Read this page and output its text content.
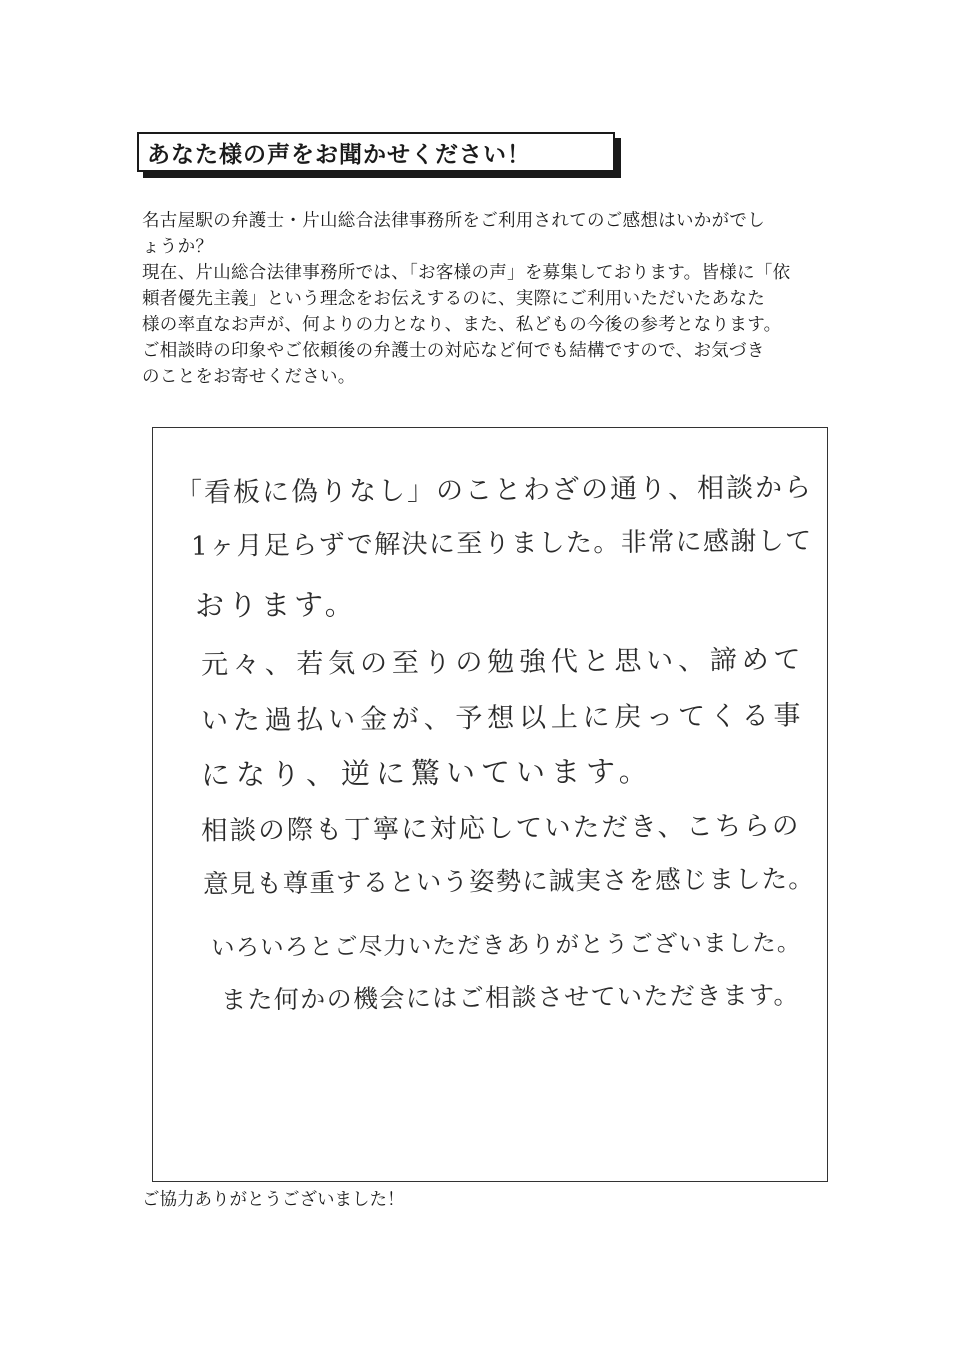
あなた様の声をお聞かせください！
名古屋駅の弁護士・片山総合法律事務所をご利用されてのご感想はいかがでし
ょうか？
現在、片山総合法律事務所では、「お客様の声」を募集しております。皆様に「依
頼者優先主義」という理念をお伝えするのに、実際にご利用いただいたあなた
様の率直なお声が、何よりの力となり、また、私どもの今後の参考となります。
ご相談時の印象やご依頼後の弁護士の対応など何でも結構ですので、お気づき
のことをお寄せください。
「看板に偽りなし」のことわざの通り、相談から
1ヶ月足らずで解決に至りました。非常に感謝して
おります。
元々、若気の至りの勉強代と思い、諦めて
いた過払い金が、予想以上に戻ってくる事
になり、逆に驚いています。
相談の際も丁寧に対応していただき、こちらの
意見も尊重するという姿勢に誠実さを感じました。
いろいろとご尽力いただきありがとうございました。
また何かの機会にはご相談させていただきます。
ご協力ありがとうございました！
